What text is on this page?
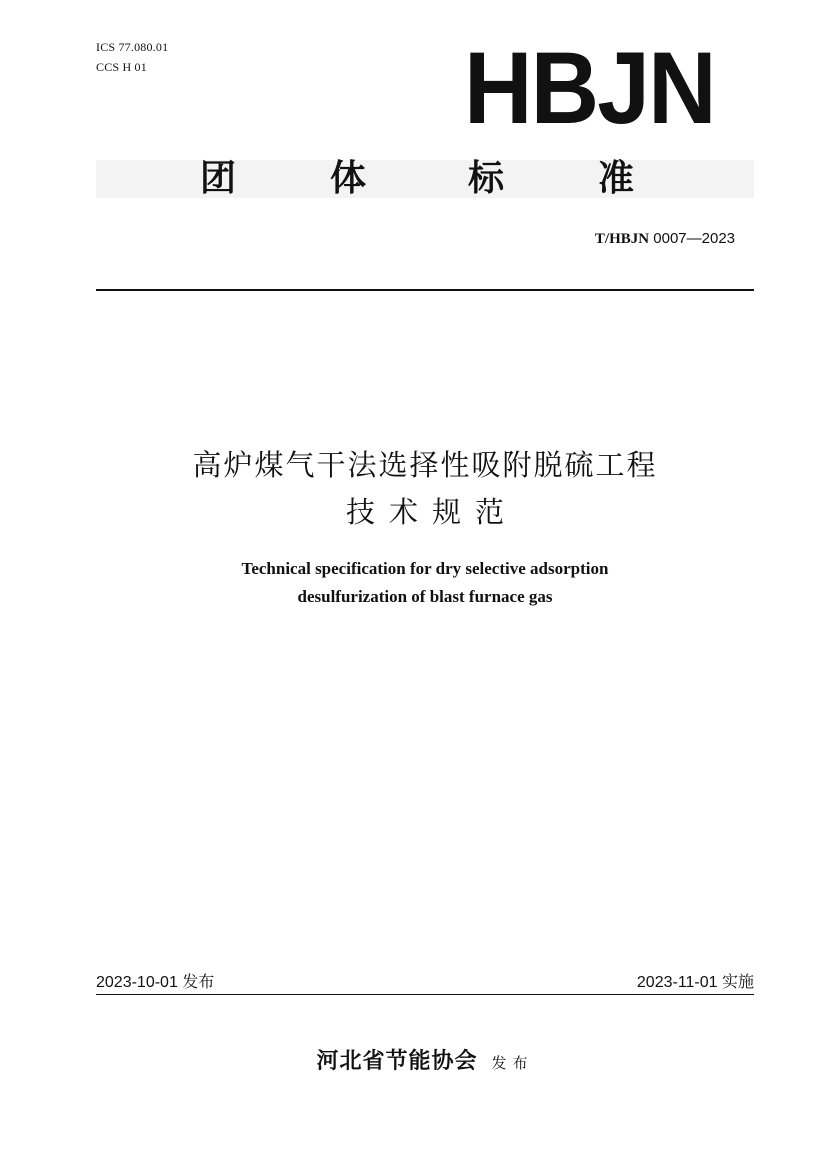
ICS 77.080.01
CCS H 01	HBJN
团	体	标	准
T/HBJN 0007—2023
高炉煤气干法选择性吸附脱硫工程
技术规范
Technical specification for dry selective adsorption
desulfurization of blast furnace gas
2023-10-01 发布	2023-11-01 实施
河北省节能协会 发布
